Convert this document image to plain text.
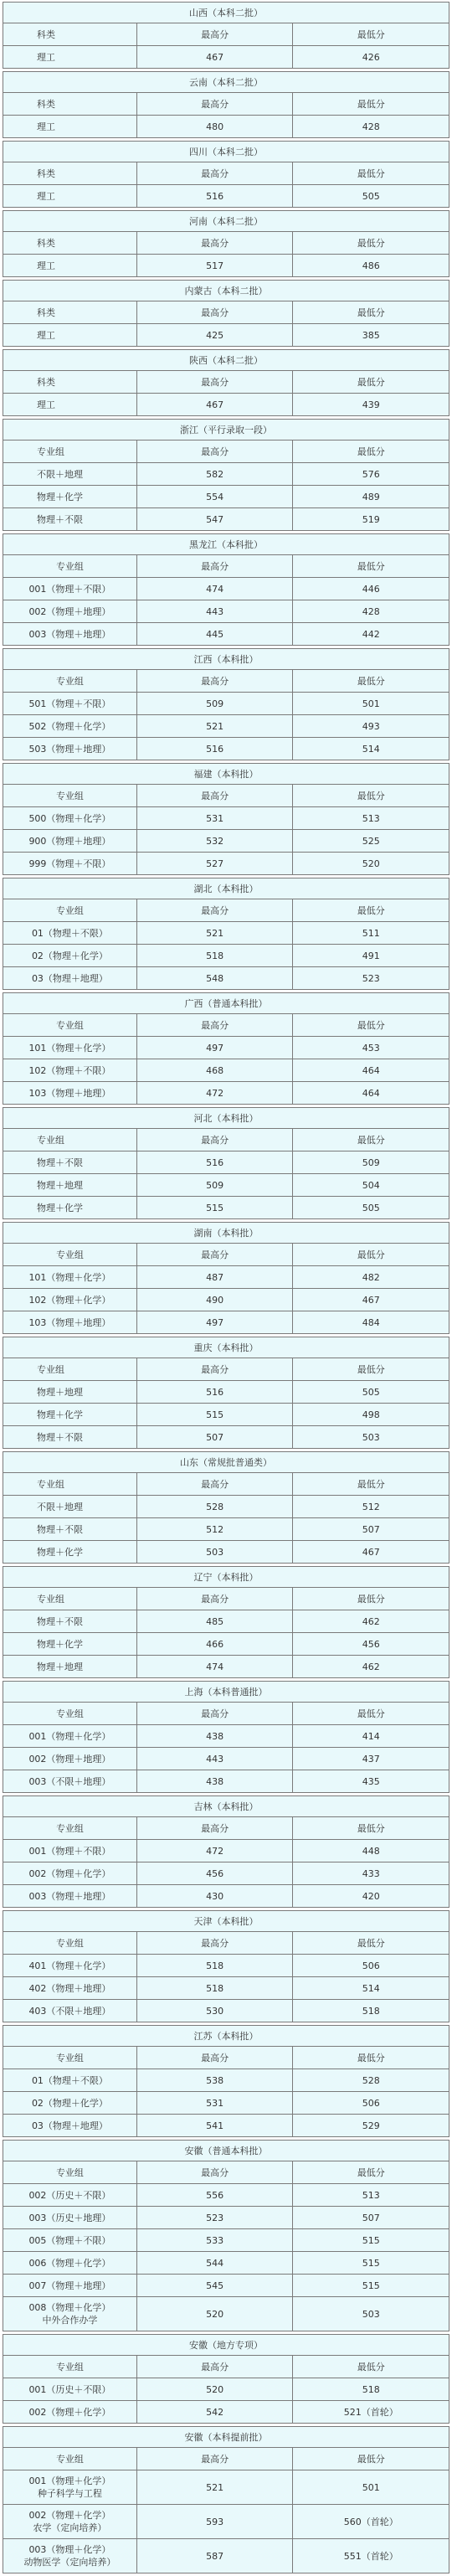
山西（本科二批）		
科类	最高分	最低分
理工	467	426
云南（本科二批）		
科类	最高分	最低分
理工	480	428
四川（本科二批）		
科类	最高分	最低分
理工	516	505
河南（本科二批）		
科类	最高分	最低分
理工	517	486
内蒙古（本科二批）		
科类	最高分	最低分
理工	425	385
陕西（本科二批）		
科类	最高分	最低分
理工	467	439
浙江（平行录取一段）		
专业组	最高分	最低分
不限＋地理	582	576
物理＋化学	554	489
物理＋不限	547	519
黑龙江（本科批）		
专业组	最高分	最低分
001（物理＋不限）	474	446
002（物理＋地理）	443	428
003（物理＋地理）	445	442
江西（本科批）		
专业组	最高分	最低分
501（物理＋不限）	509	501
502（物理＋化学）	521	493
503（物理＋地理）	516	514
福建（本科批）		
专业组	最高分	最低分
500（物理＋化学）	531	513
900（物理＋地理）	532	525
999（物理＋不限）	527	520
湖北（本科批）		
专业组	最高分	最低分
01（物理＋不限）	521	511
02（物理＋化学）	518	491
03（物理＋地理）	548	523
广西（普通本科批）		
专业组	最高分	最低分
101（物理＋化学）	497	453
102（物理＋不限）	468	464
103（物理＋地理）	472	464
河北（本科批）		
专业组	最高分	最低分
物理＋不限	516	509
物理＋地理	509	504
物理＋化学	515	505
湖南（本科批）		
专业组	最高分	最低分
101（物理＋化学）	487	482
102（物理＋化学）	490	467
103（物理＋地理）	497	484
重庆（本科批）		
专业组	最高分	最低分
物理＋地理	516	505
物理＋化学	515	498
物理＋不限	507	503
山东（常规批普通类）		
专业组	最高分	最低分
不限＋地理	528	512
物理＋不限	512	507
物理＋化学	503	467
辽宁（本科批）		
专业组	最高分	最低分
物理＋不限	485	462
物理＋化学	466	456
物理＋地理	474	462
上海（本科普通批）		
专业组	最高分	最低分
001（物理＋化学）	438	414
002（物理＋地理）	443	437
003（不限＋地理）	438	435
吉林（本科批）		
专业组	最高分	最低分
001（物理＋不限）	472	448
002（物理＋化学）	456	433
003（物理＋地理）	430	420
天津（本科批）		
专业组	最高分	最低分
401（物理＋化学）	518	506
402（物理＋地理）	518	514
403（不限＋地理）	530	518
江苏（本科批）		
专业组	最高分	最低分
01（物理＋不限）	538	528
02（物理＋化学）	531	506
03（物理＋地理）	541	529
安徽（普通本科批）		
专业组	最高分	最低分
002（历史＋不限）	556	513
003（历史＋地理）	523	507
005（物理＋不限）	533	515
006（物理＋化学）	544	515
007（物理＋地理）	545	515
008（物理＋化学）
中外合作办学	520	503
安徽（地方专项）		
专业组	最高分	最低分
001（历史＋不限）	520	518
002（物理＋化学）	542	521（首轮）
安徽（本科提前批）		
专业组	最高分	最低分
001（物理＋化学）
种子科学与工程	521	501
002（物理＋化学）
农学（定向培养）	593	560（首轮）
003（物理＋化学）
动物医学（定向培养）	587	551（首轮）
